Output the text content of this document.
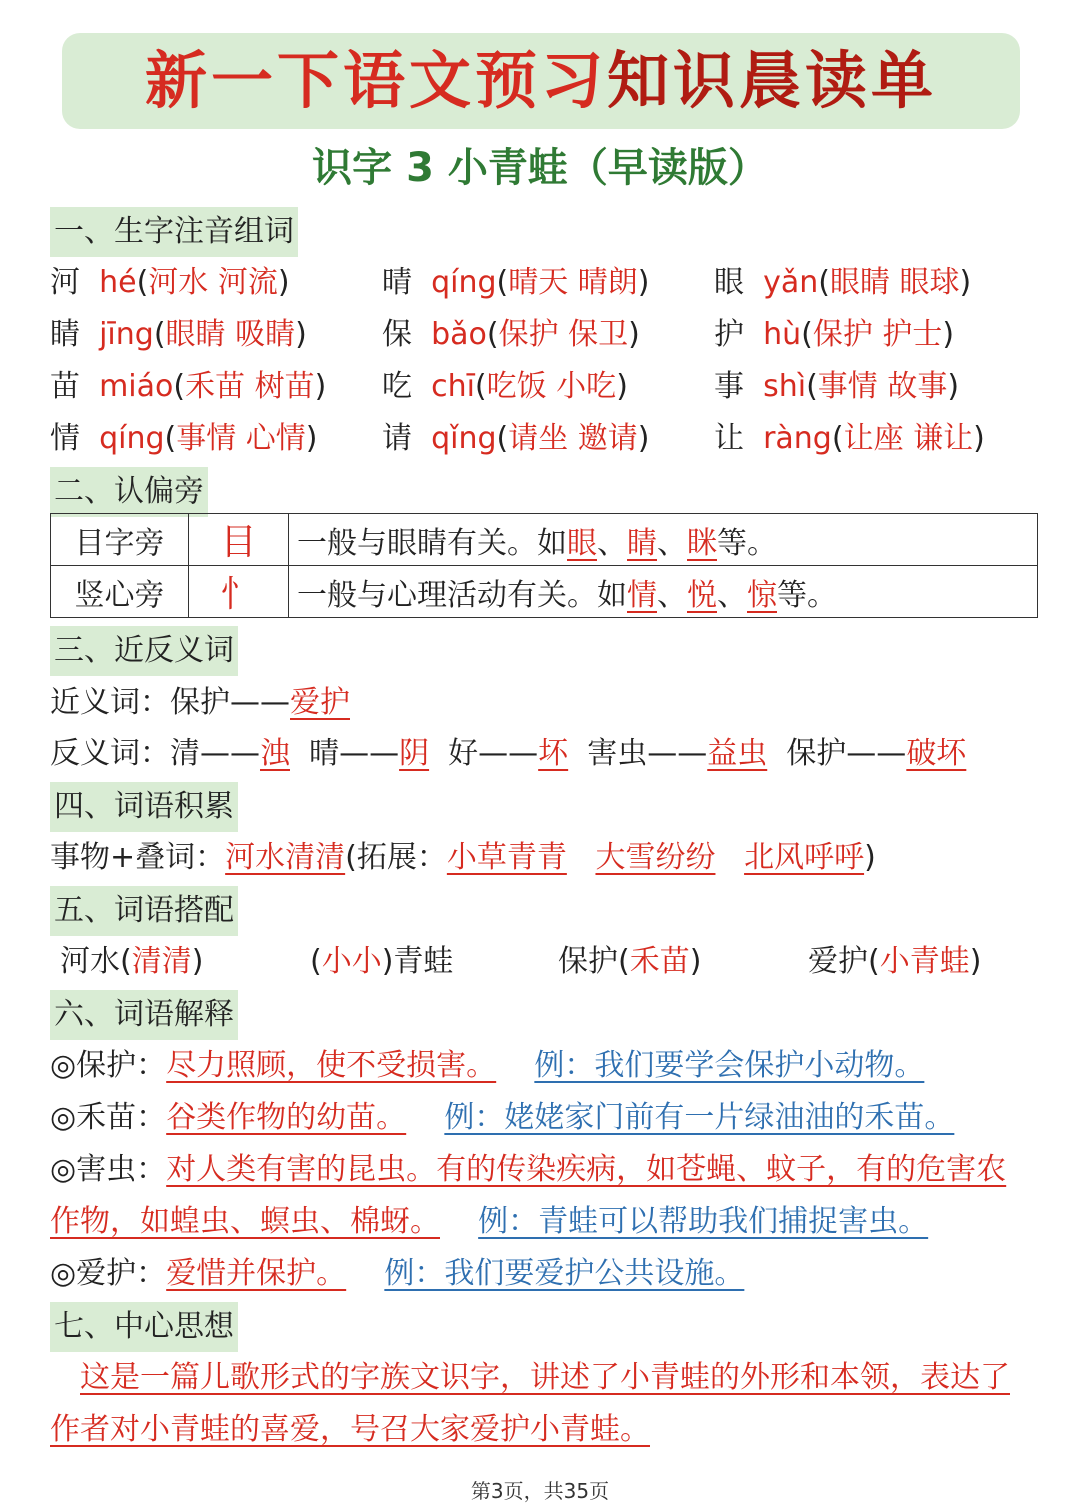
新一下语文预习知识晨读单
识字 3 小青蛙（早读版）
一、生字注音组词
河 hé(河水 河流)	晴 qíng(晴天 晴朗) 眼 yǎn(眼睛 眼球)
睛 jīng(眼睛 吸睛)	保 bǎo(保护 保卫) 护 hù(保护 护士)
苗 miáo(禾苗 树苗) 吃 chī(吃饭 小吃)	事 shì(事情 故事)
情 qíng(事情 心情) 请 qǐng(请坐 邀请) 让 ràng(让座 谦让)
二、认偏旁
目字旁	目	一般与眼睛有关。如眼、睛、眯等。
竖心旁	忄	一般与心理活动有关。如情、悦、惊等。
三、近反义词
近义词：保护——爱护
反义词：清——浊 晴——阴 好——坏 害虫——益虫 保护——破坏
四、词语积累
事物+叠词：河水清清(拓展：小草青青 大雪纷纷 北风呼呼)
五、词语搭配
河水(清清)	(小小)青蛙	保护(禾苗)	爱护(小青蛙)
六、词语解释
◎保护：尽力照顾，使不受损害。 例：我们要学会保护小动物。
◎禾苗：谷类作物的幼苗。 例：姥姥家门前有一片绿油油的禾苗。
◎害虫：对人类有害的昆虫。有的传染疾病，如苍蝇、蚊子，有的危害农
作物，如蝗虫、螟虫、棉蚜。 例：青蛙可以帮助我们捕捉害虫。
◎爱护：爱惜并保护。 例：我们要爱护公共设施。
七、中心思想
这是一篇儿歌形式的字族文识字，讲述了小青蛙的外形和本领，表达了
作者对小青蛙的喜爱，号召大家爱护小青蛙。
第3页，共35页
